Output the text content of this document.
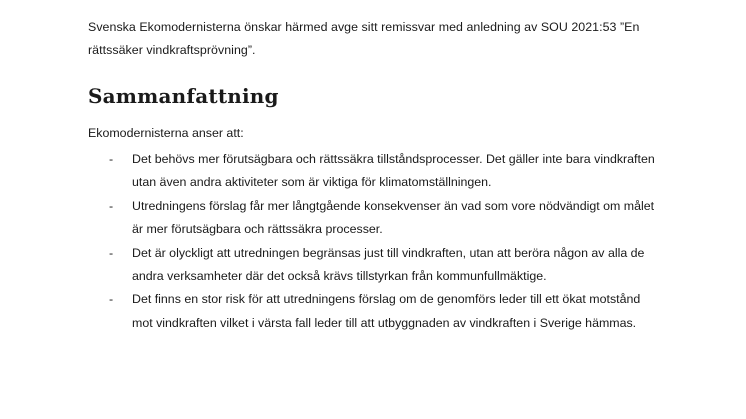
Svenska Ekomodernisterna önskar härmed avge sitt remissvar med anledning av SOU 2021:53 ”En rättssäker vindkraftsprövning”.

Sammanfattning

Ekomodernisterna anser att:

- Det behövs mer förutsägbara och rättssäkra tillståndsprocesser. Det gäller inte bara vindkraften utan även andra aktiviteter som är viktiga för klimatomställningen.
- Utredningens förslag får mer långtgående konsekvenser än vad som vore nödvändigt om målet är mer förutsägbara och rättssäkra processer.
- Det är olyckligt att utredningen begränsas just till vindkraften, utan att beröra någon av alla de andra verksamheter där det också krävs tillstyrkan från kommunfullmäktige.
- Det finns en stor risk för att utredningens förslag om de genomförs leder till ett ökat motstånd mot vindkraften vilket i värsta fall leder till att utbyggnaden av vindkraften i Sverige hämmas.
